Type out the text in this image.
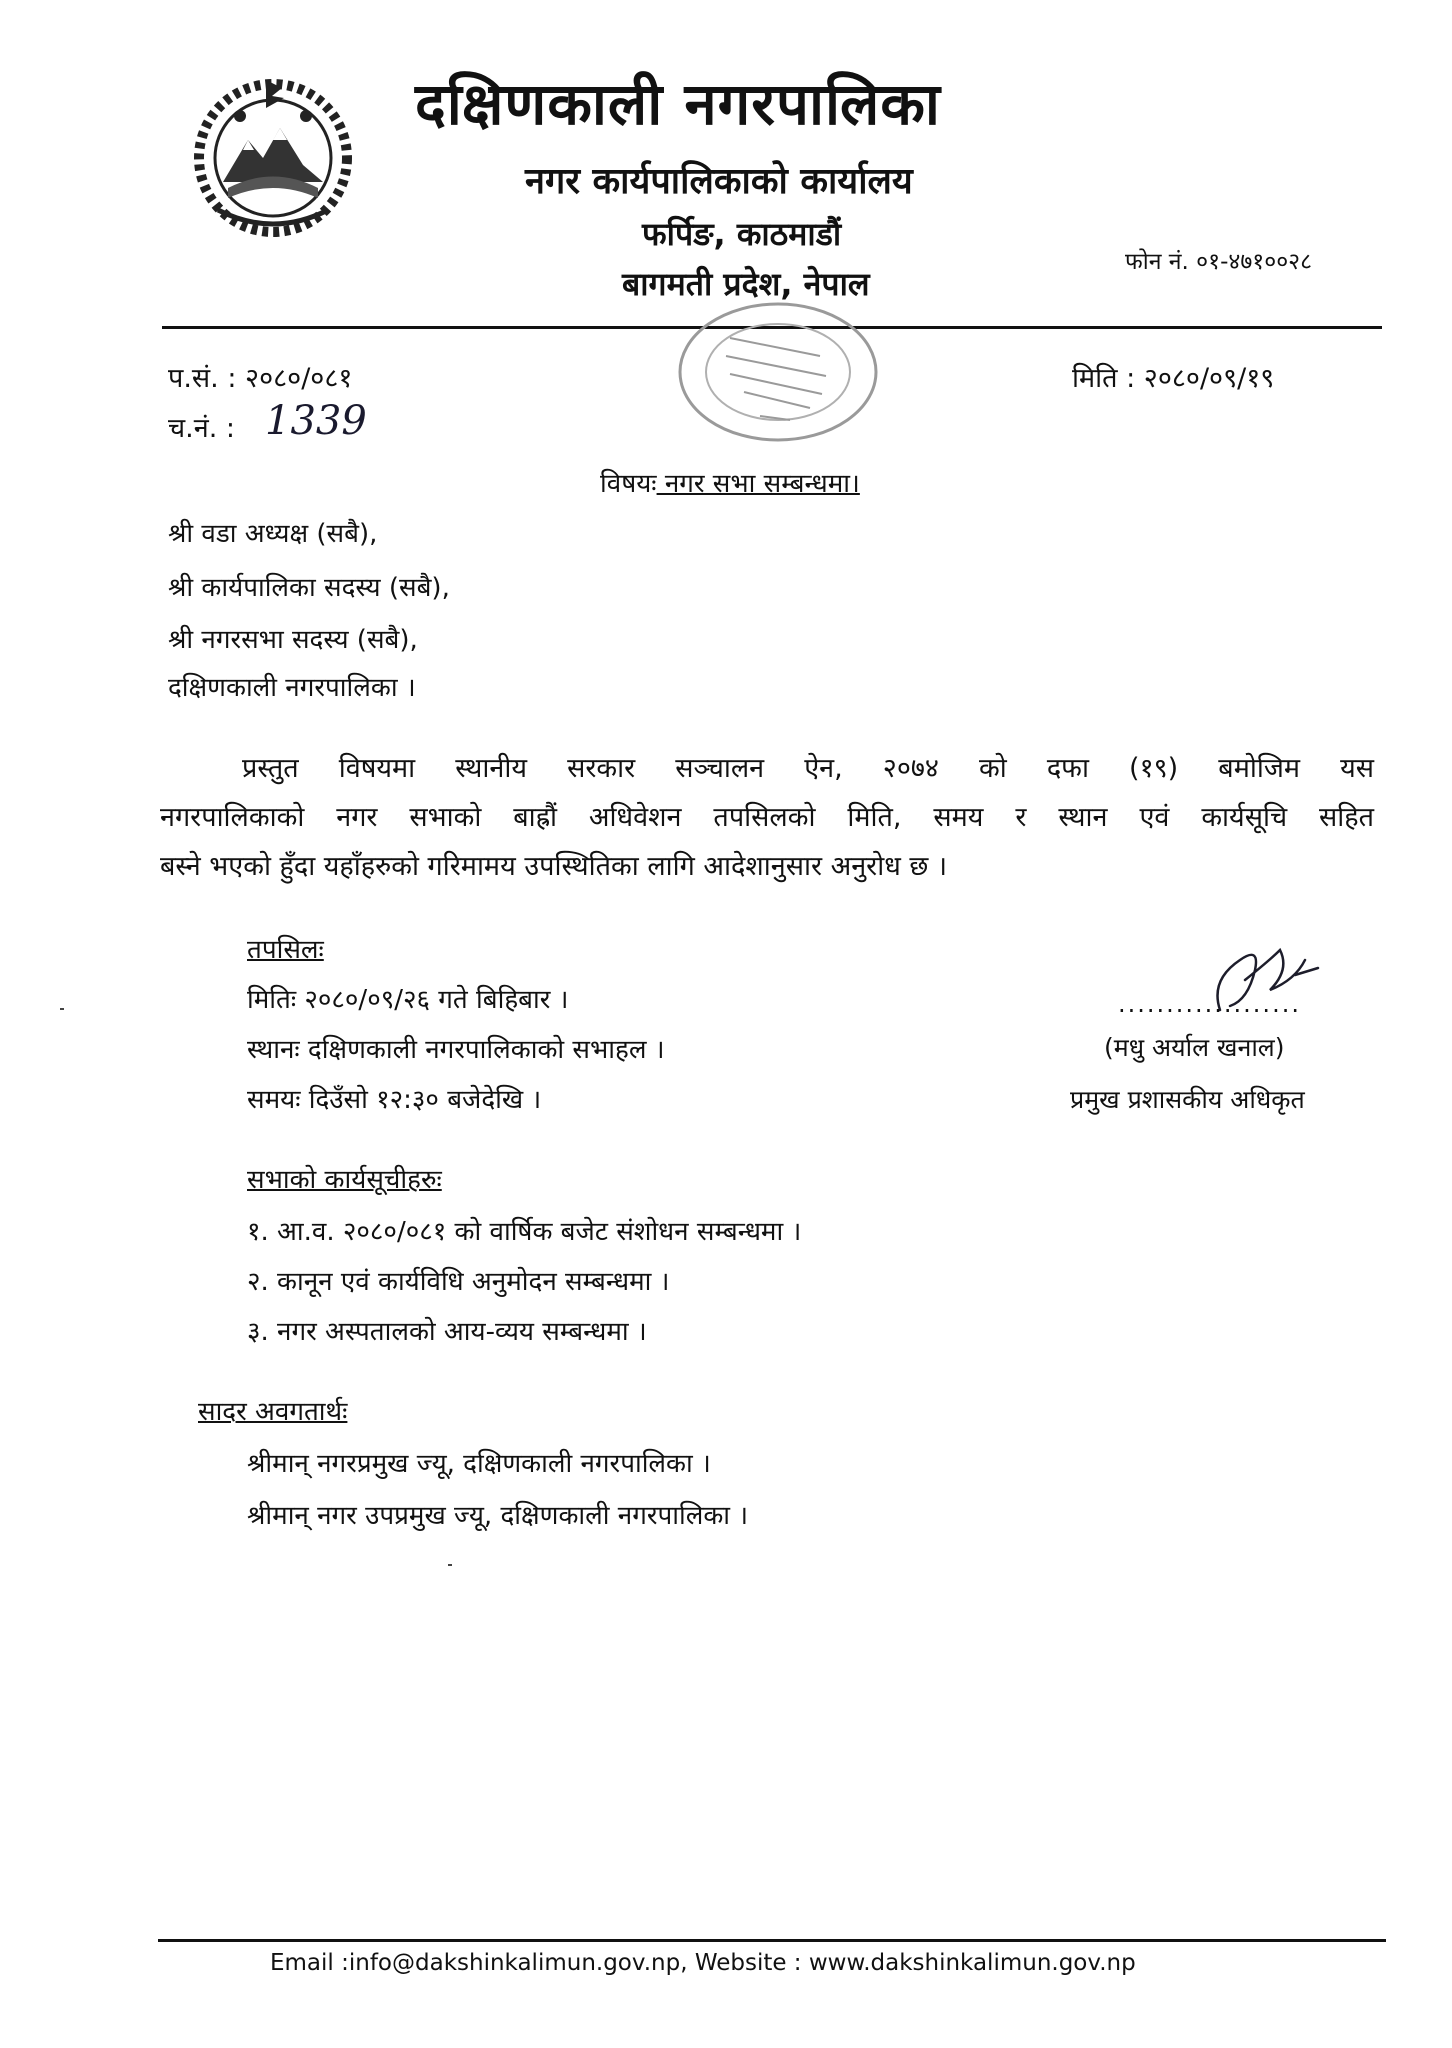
दक्षिणकाली नगरपालिका
नगर कार्यपालिकाको कार्यालय
फर्पिङ, काठमाडौं
बागमती प्रदेश, नेपाल
फोन नं. ०१-४७१००२८
प.सं. : २०८०/०८१
च.नं. : 1339
मिति : २०८०/०९/१९
विषयः नगर सभा सम्बन्धमा।
श्री वडा अध्यक्ष (सबै),
श्री कार्यपालिका सदस्य (सबै),
श्री नगरसभा सदस्य (सबै),
दक्षिणकाली नगरपालिका ।

प्रस्तुत विषयमा स्थानीय सरकार सञ्चालन ऐन, २०७४ को दफा (१९) बमोजिम यस

नगरपालिकाको नगर सभाको बाह्रौं अधिवेशन तपसिलको मिति, समय र स्थान एवं कार्यसूचि सहित

बस्ने भएको हुँदा यहाँहरुको गरिमामय उपस्थितिका लागि आदेशानुसार अनुरोध छ ।

तपसिलः
मितिः २०८०/०९/२६ गते बिहिबार ।
स्थानः दक्षिणकाली नगरपालिकाको सभाहल ।
समयः दिउँसो १२:३० बजेदेखि ।
...................
(मधु अर्याल खनाल)
प्रमुख प्रशासकीय अधिकृत
सभाको कार्यसूचीहरुः
१. आ.व. २०८०/०८१ को वार्षिक बजेट संशोधन सम्बन्धमा ।
२. कानून एवं कार्यविधि अनुमोदन सम्बन्धमा ।
३. नगर अस्पतालको आय-व्यय सम्बन्धमा ।
सादर अवगतार्थः
श्रीमान् नगरप्रमुख ज्यू, दक्षिणकाली नगरपालिका ।
श्रीमान् नगर उपप्रमुख ज्यू, दक्षिणकाली नगरपालिका ।
Email :info@dakshinkalimun.gov.np, Website : www.dakshinkalimun.gov.np
